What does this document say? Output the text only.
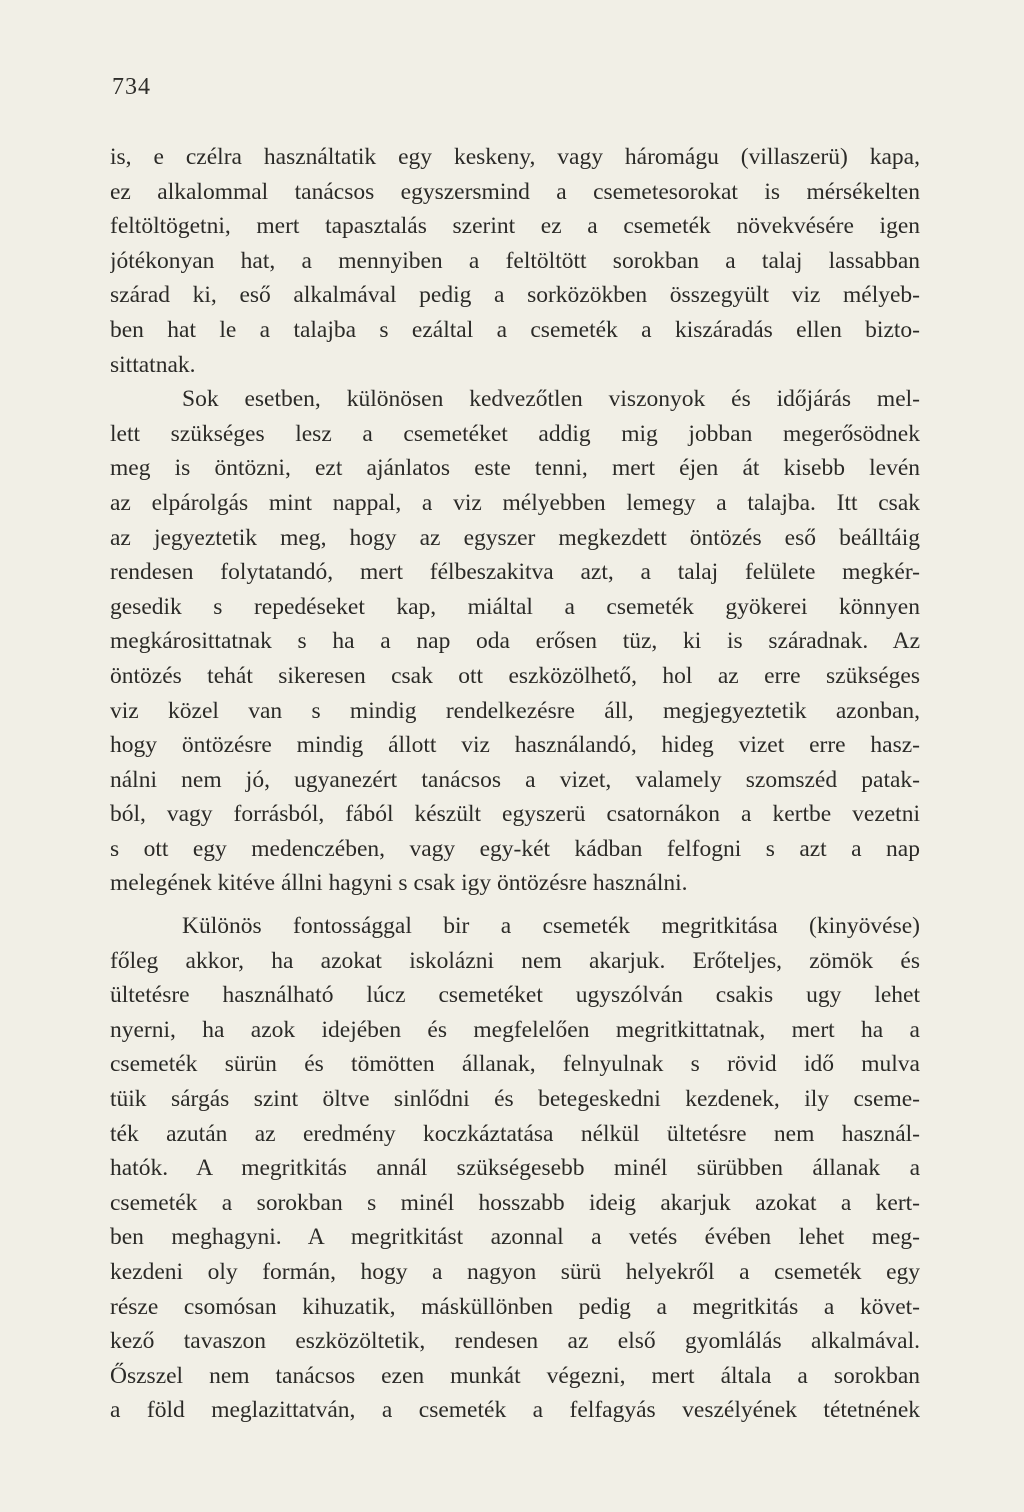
734
is, e czélra használtatik egy keskeny, vagy háromágu (villaszerü) kapa,
ez alkalommal tanácsos egyszersmind a csemetesorokat is mérsékelten
feltöltögetni, mert tapasztalás szerint ez a csemeték növekvésére igen
jótékonyan hat, a mennyiben a feltöltött sorokban a talaj lassabban
szárad ki, eső alkalmával pedig a sorközökben összegyült viz mélyeb-
ben hat le a talajba s ezáltal a csemeték a kiszáradás ellen bizto-
sittatnak.
Sok esetben, különösen kedvezőtlen viszonyok és időjárás mel-
lett szükséges lesz a csemetéket addig mig jobban megerősödnek
meg is öntözni, ezt ajánlatos este tenni, mert éjen át kisebb levén
az elpárolgás mint nappal, a viz mélyebben lemegy a talajba. Itt csak
az jegyeztetik meg, hogy az egyszer megkezdett öntözés eső beálltáig
rendesen folytatandó, mert félbeszakitva azt, a talaj felülete megkér-
gesedik s repedéseket kap, miáltal a csemeték gyökerei könnyen
megkárosittatnak s ha a nap oda erősen tüz, ki is száradnak. Az
öntözés tehát sikeresen csak ott eszközölhető, hol az erre szükséges
viz közel van s mindig rendelkezésre áll, megjegyeztetik azonban,
hogy öntözésre mindig állott viz használandó, hideg vizet erre hasz-
nálni nem jó, ugyanezért tanácsos a vizet, valamely szomszéd patak-
ból, vagy forrásból, fából készült egyszerü csatornákon a kertbe vezetni
s ott egy medenczében, vagy egy-két kádban felfogni s azt a nap
melegének kitéve állni hagyni s csak igy öntözésre használni.
Különös fontossággal bir a csemeték megritkitása (kinyövése)
főleg akkor, ha azokat iskolázni nem akarjuk. Erőteljes, zömök és
ültetésre használható lúcz csemetéket ugyszólván csakis ugy lehet
nyerni, ha azok idejében és megfelelően megritkittatnak, mert ha a
csemeték sürün és tömötten állanak, felnyulnak s rövid idő mulva
tüik sárgás szint öltve sinlődni és betegeskedni kezdenek, ily cseme-
ték azután az eredmény koczkáztatása nélkül ültetésre nem használ-
hatók. A megritkitás annál szükségesebb minél sürübben állanak a
csemeték a sorokban s minél hosszabb ideig akarjuk azokat a kert-
ben meghagyni. A megritkitást azonnal a vetés évében lehet meg-
kezdeni oly formán, hogy a nagyon sürü helyekről a csemeték egy
része csomósan kihuzatik, másküllönben pedig a megritkitás a követ-
kező tavaszon eszközöltetik, rendesen az első gyomlálás alkalmával.
Őszszel nem tanácsos ezen munkát végezni, mert általa a sorokban
a föld meglazittatván, a csemeték a felfagyás veszélyének tétetnének
